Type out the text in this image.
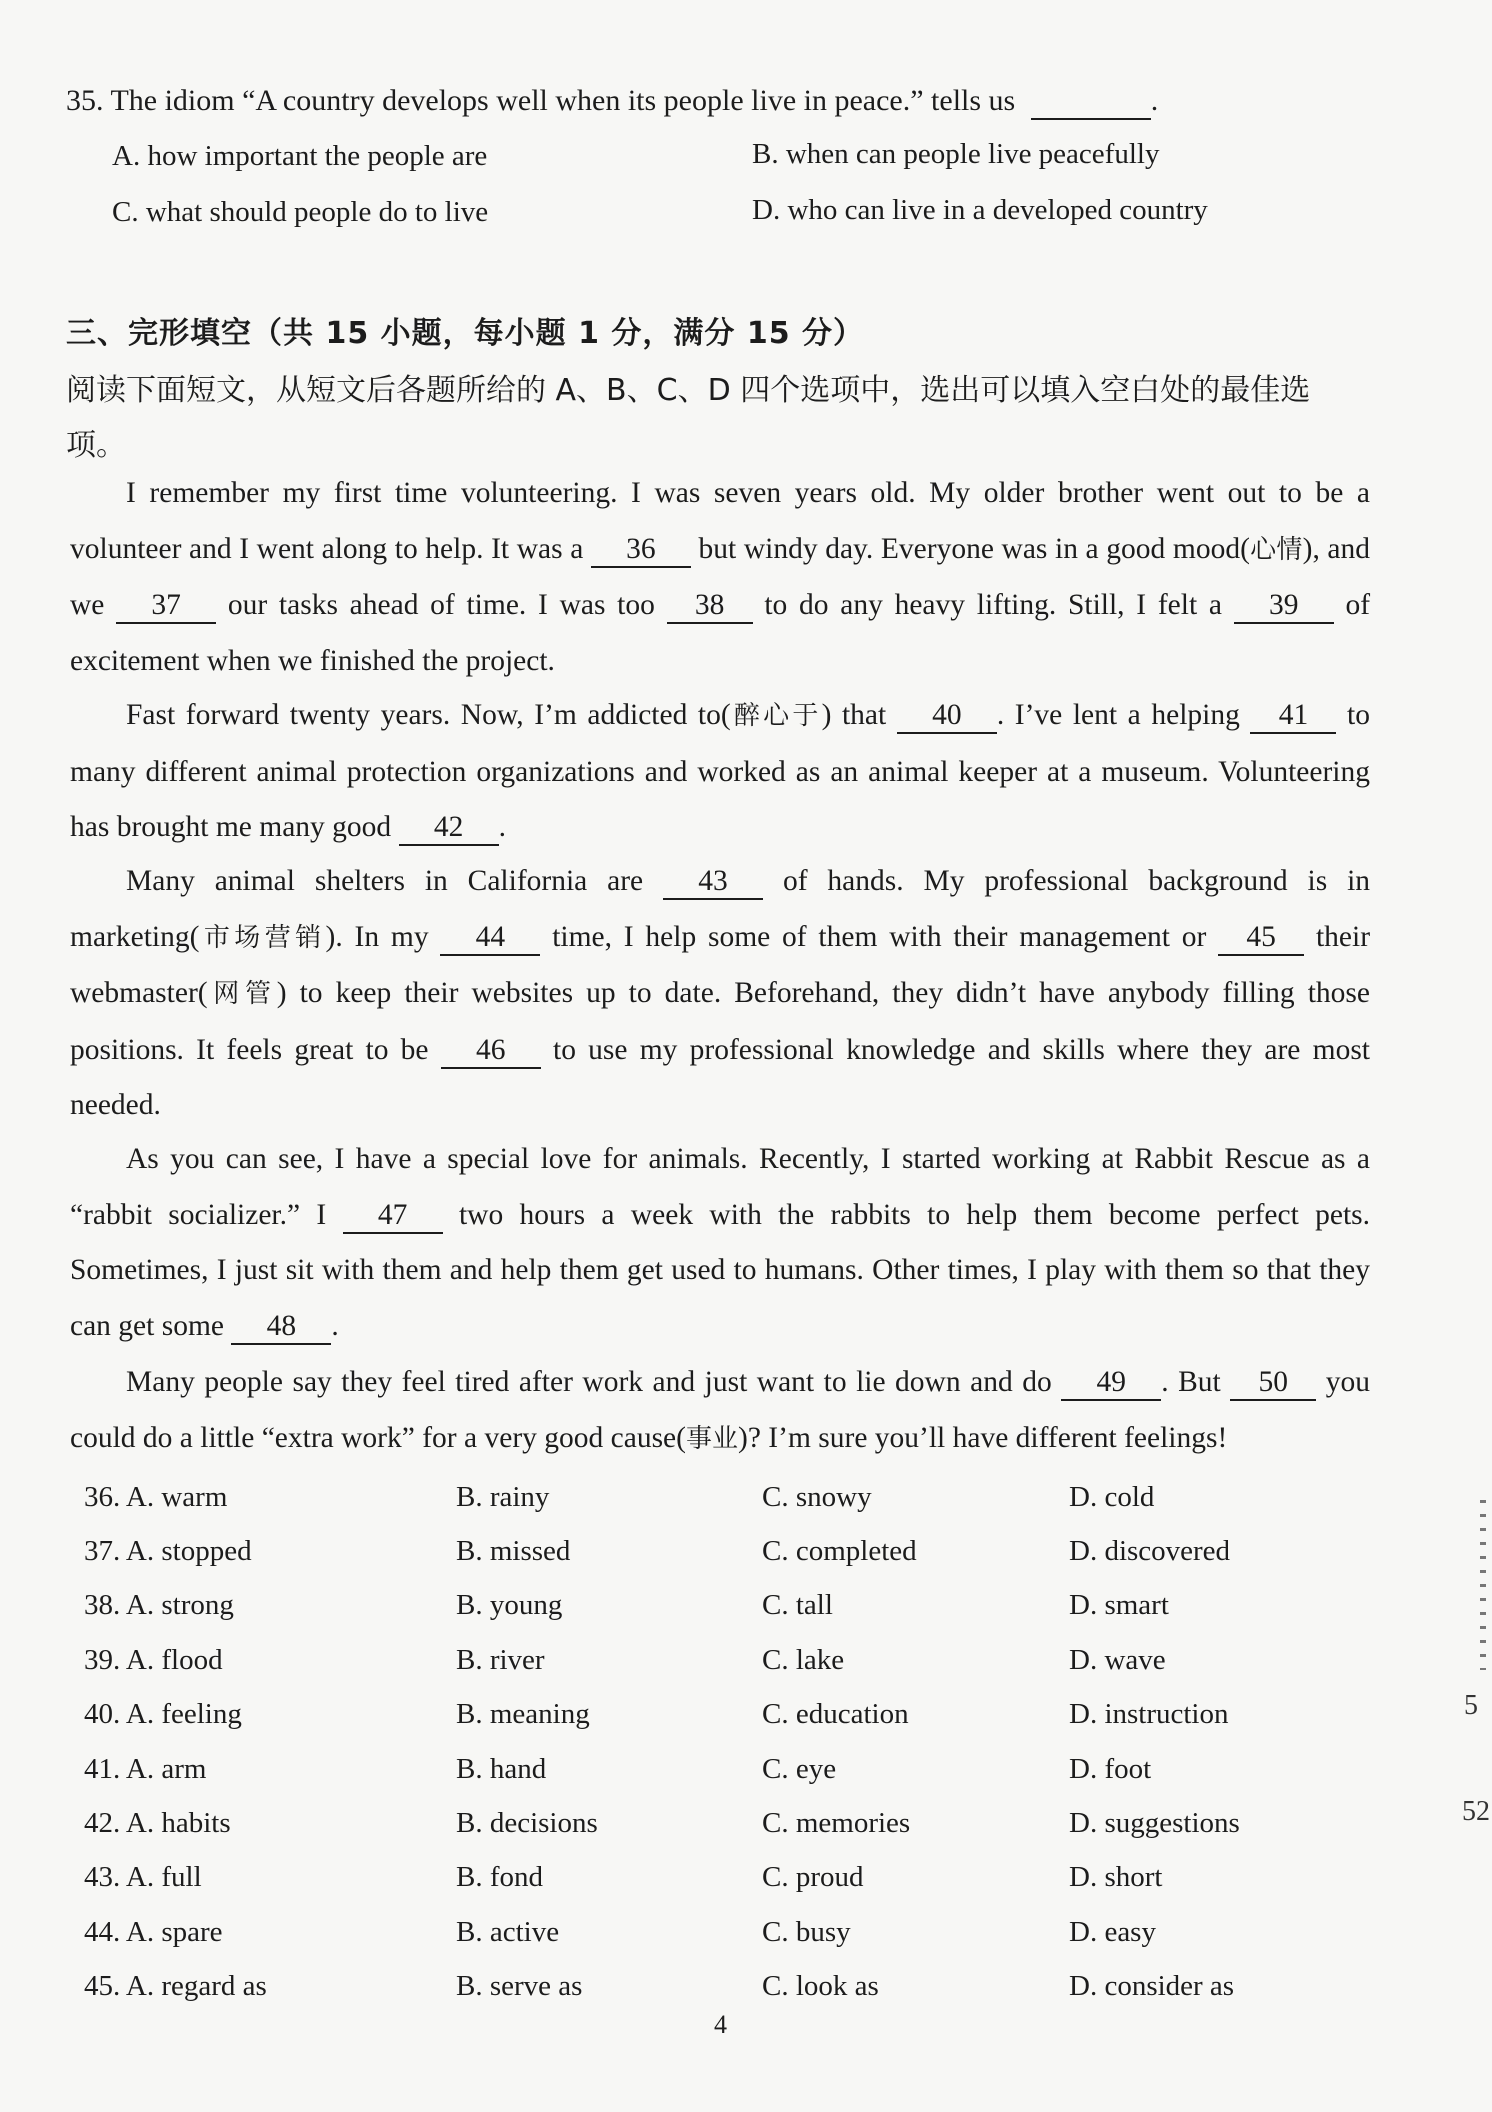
35. The idiom “A country develops well when its people live in peace.” tells us	.
A. how important the people are	B. when can people live peacefully
C. what should people do to live	D. who can live in a developed country
三、完形填空（共 15 小题，每小题 1 分，满分 15 分）
阅读下面短文，从短文后各题所给的 A、B、C、D 四个选项中，选出可以填入空白处的最佳选
项。
I remember my first time volunteering. I was seven years old. My older brother went out to be a volunteer and I went along to help. It was a 36 but windy day. Everyone was in a good mood(心情), and we 37 our tasks ahead of time. I was too 38 to do any heavy lifting. Still, I felt a 39 of excitement when we finished the project.
Fast forward twenty years. Now, I’m addicted to(醉心于) that 40 . I’ve lent a helping 41 to many different animal protection organizations and worked as an animal keeper at a museum. Volunteering has brought me many good 42 .
Many animal shelters in California are 43 of hands. My professional background is in marketing(市场营销). In my 44 time, I help some of them with their management or 45 their webmaster(网管) to keep their websites up to date. Beforehand, they didn’t have anybody filling those positions. It feels great to be 46 to use my professional knowledge and skills where they are most needed.
As you can see, I have a special love for animals. Recently, I started working at Rabbit Rescue as a “rabbit socializer.” I 47 two hours a week with the rabbits to help them become perfect pets. Sometimes, I just sit with them and help them get used to humans. Other times, I play with them so that they can get some 48 .
Many people say they feel tired after work and just want to lie down and do 49 . But 50 you could do a little “extra work” for a very good cause(事业)? I’m sure you’ll have different feelings!
36. A. warm	B. rainy	C. snowy	D. cold
37. A. stopped	B. missed	C. completed	D. discovered
38. A. strong	B. young	C. tall	D. smart
39. A. flood	B. river	C. lake	D. wave
40. A. feeling	B. meaning	C. education	D. instruction
41. A. arm	B. hand	C. eye	D. foot
42. A. habits	B. decisions	C. memories	D. suggestions
43. A. full	B. fond	C. proud	D. short
44. A. spare	B. active	C. busy	D. easy
45. A. regard as	B. serve as	C. look as	D. consider as
4
5
52
